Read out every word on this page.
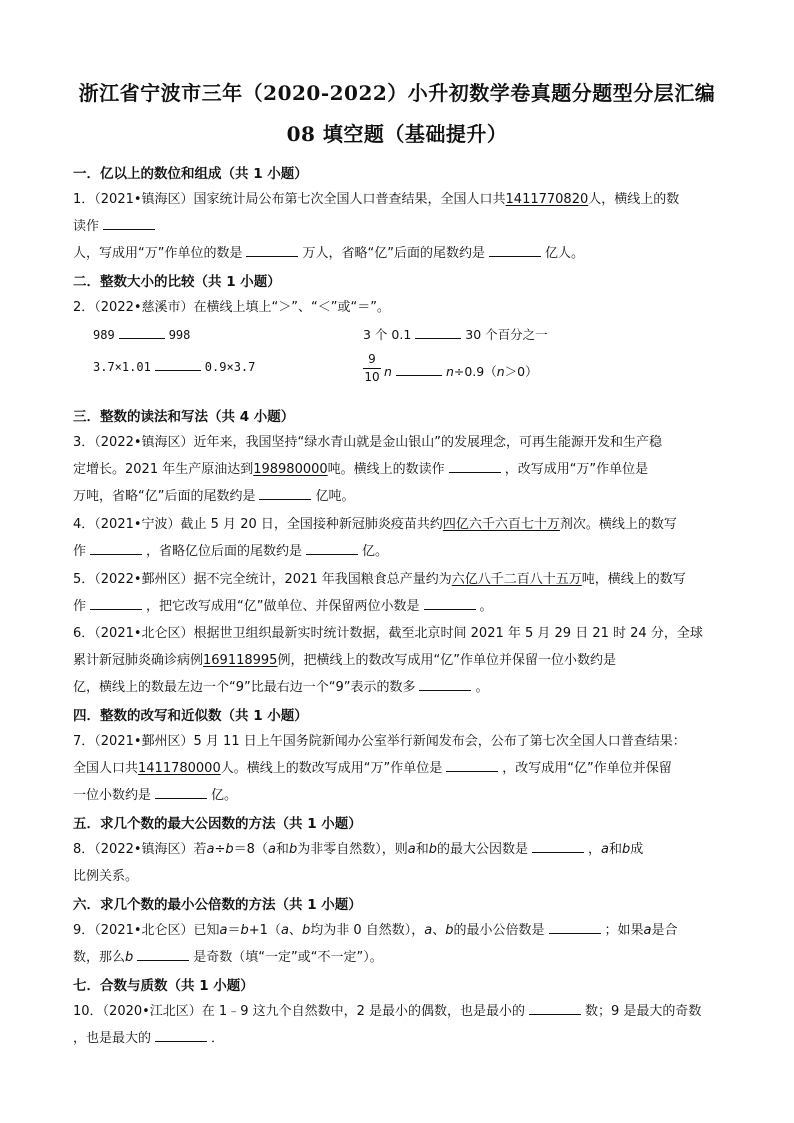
浙江省宁波市三年（2020-2022）小升初数学卷真题分题型分层汇编
08 填空题（基础提升）
一．亿以上的数位和组成（共 1 小题）
1．（2021•镇海区）国家统计局公布第七次全国人口普查结果，全国人口共1411770820人，横线上的数
读作
人，写成用“万”作单位的数是	万人，省略“亿”后面的尾数约是	亿人。
二．整数大小的比较（共 1 小题）
2．（2022•慈溪市）在横线上填上“＞”、“＜”或“＝”。
989	998	3 个 0.1	30 个百分之一
3.7×1.01	0.9×3.7
9
10 n	n÷0.9（n＞0）
三．整数的读法和写法（共 4 小题）
3．（2022•镇海区）近年来，我国坚持“绿水青山就是金山银山”的发展理念，可再生能源开发和生产稳
定增长。2021 年生产原油达到198980000吨。横线上的数读作	，改写成用“万”作单位是
万吨，省略“亿”后面的尾数约是	亿吨。
4．（2021•宁波）截止 5 月 20 日，全国接种新冠肺炎疫苗共约四亿六千六百七十万剂次。横线上的数写
作	，省略亿位后面的尾数约是	亿。
5．（2022•鄞州区）据不完全统计，2021 年我国粮食总产量约为六亿八千二百八十五万吨，横线上的数写
作	，把它改写成用“亿”做单位、并保留两位小数是	。
6．（2021•北仑区）根据世卫组织最新实时统计数据，截至北京时间 2021 年 5 月 29 日 21 时 24 分，全球
累计新冠肺炎确诊病例169118995例，把横线上的数改写成用“亿”作单位并保留一位小数约是
亿，横线上的数最左边一个“9”比最右边一个“9”表示的数多	。
四．整数的改写和近似数（共 1 小题）
7．（2021•鄞州区）5 月 11 日上午国务院新闻办公室举行新闻发布会，公布了第七次全国人口普查结果：
全国人口共1411780000人。横线上的数改写成用“万”作单位是	，改写成用“亿”作单位并保留
一位小数约是	亿。
五．求几个数的最大公因数的方法（共 1 小题）
8．（2022•镇海区）若a÷b＝8（a和b为非零自然数），则a和b的最大公因数是	，a和b成
比例关系。
六．求几个数的最小公倍数的方法（共 1 小题）
9．（2021•北仑区）已知a＝b+1（a、b均为非 0 自然数），a、b的最小公倍数是	；如果a是合
数，那么b	是奇数（填“一定”或“不一定”）。
七．合数与质数（共 1 小题）
10．（2020•江北区）在 1﹣9 这九个自然数中，2 是最小的偶数，也是最小的	数；9 是最大的奇数
，也是最大的	．
